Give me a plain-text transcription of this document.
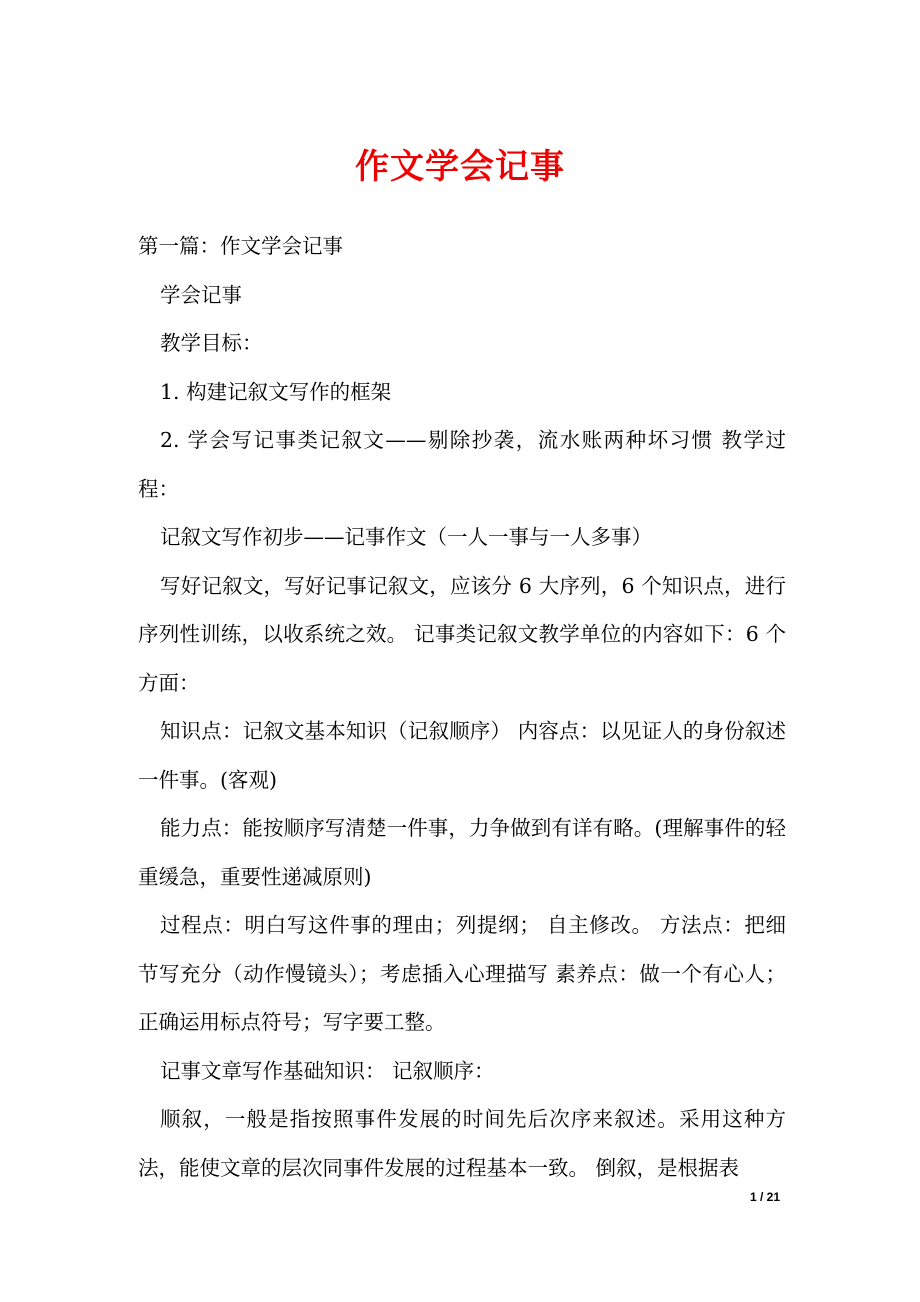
作文学会记事

第一篇：作文学会记事

学会记事

教学目标：

1. 构建记叙文写作的框架

2. 学会写记事类记叙文——剔除抄袭，流水账两种坏习惯 教学过程：

记叙文写作初步——记事作文（一人一事与一人多事）

写好记叙文，写好记事记叙文，应该分 6 大序列，6 个知识点，进行序列性训练，以收系统之效。 记事类记叙文教学单位的内容如下：6 个方面：

知识点：记叙文基本知识（记叙顺序） 内容点：以见证人的身份叙述一件事。(客观)

能力点：能按顺序写清楚一件事，力争做到有详有略。(理解事件的轻重缓急，重要性递减原则)

过程点：明白写这件事的理由；列提纲； 自主修改。 方法点：把细节写充分（动作慢镜头）；考虑插入心理描写 素养点：做一个有心人；正确运用标点符号；写字要工整。

记事文章写作基础知识： 记叙顺序：

顺叙，一般是指按照事件发展的时间先后次序来叙述。采用这种方法，能使文章的层次同事件发展的过程基本一致。 倒叙，是根据表

1 / 21
